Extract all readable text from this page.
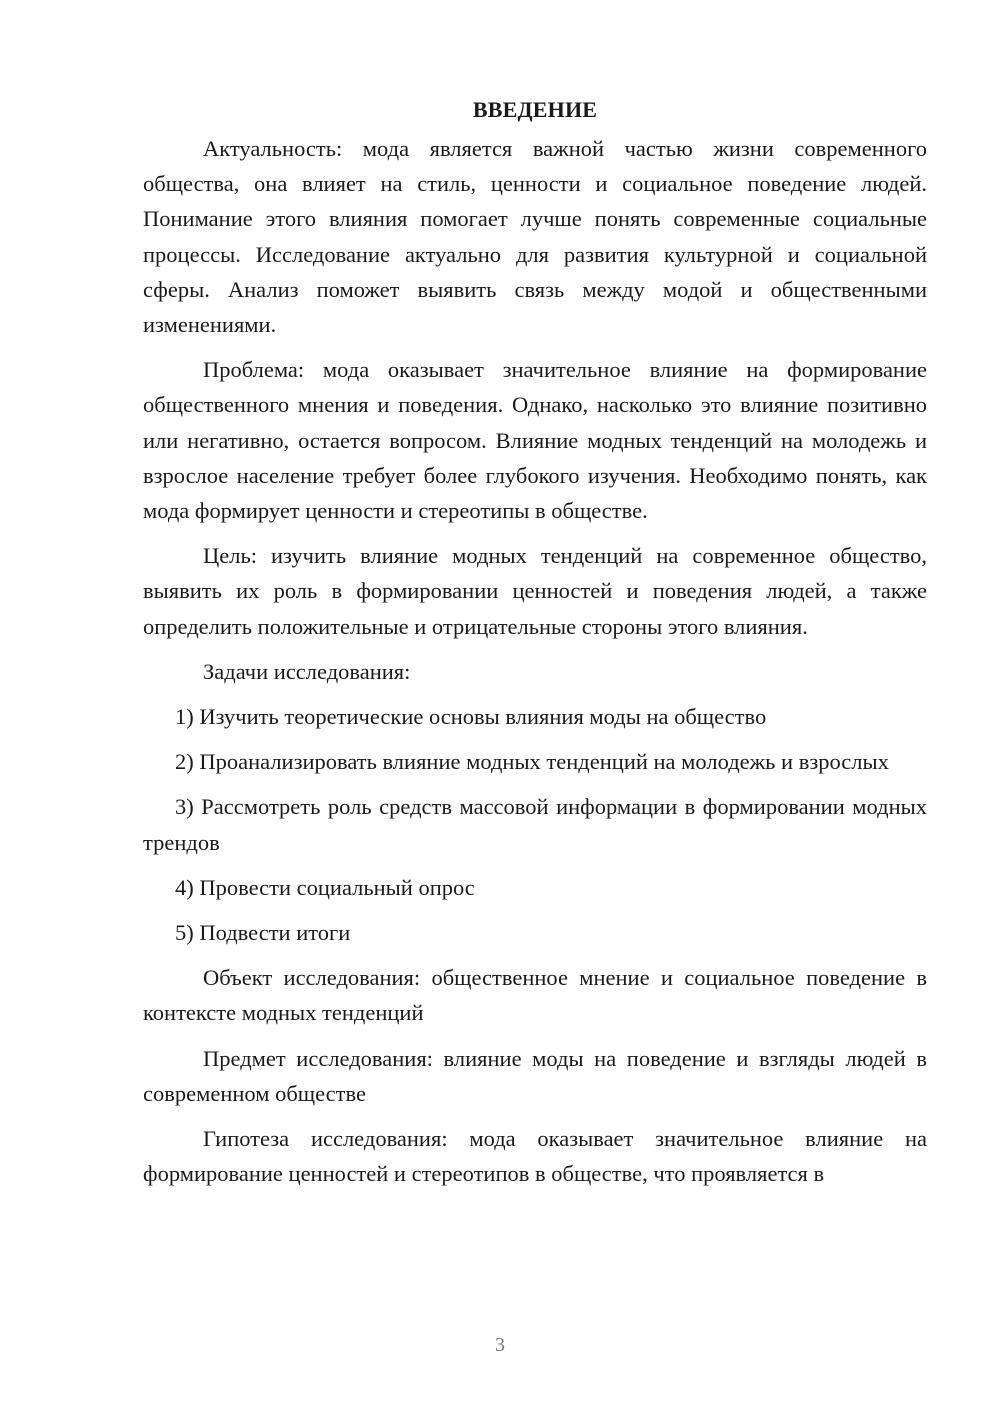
ВВЕДЕНИЕ

Актуальность: мода является важной частью жизни современного общества, она влияет на стиль, ценности и социальное поведение людей. Понимание этого влияния помогает лучше понять современные социальные процессы. Исследование актуально для развития культурной и социальной сферы. Анализ поможет выявить связь между модой и общественными изменениями.

Проблема: мода оказывает значительное влияние на формирование общественного мнения и поведения. Однако, насколько это влияние позитивно или негативно, остается вопросом. Влияние модных тенденций на молодежь и взрослое население требует более глубокого изучения. Необходимо понять, как мода формирует ценности и стереотипы в обществе.

Цель: изучить влияние модных тенденций на современное общество, выявить их роль в формировании ценностей и поведения людей, а также определить положительные и отрицательные стороны этого влияния.

Задачи исследования:

1) Изучить теоретические основы влияния моды на общество

2) Проанализировать влияние модных тенденций на молодежь и взрослых

3) Рассмотреть роль средств массовой информации в формировании модных трендов

4) Провести социальный опрос

5) Подвести итоги

Объект исследования: общественное мнение и социальное поведение в контексте модных тенденций

Предмет исследования: влияние моды на поведение и взгляды людей в современном обществе

Гипотеза исследования: мода оказывает значительное влияние на формирование ценностей и стереотипов в обществе, что проявляется в

3
